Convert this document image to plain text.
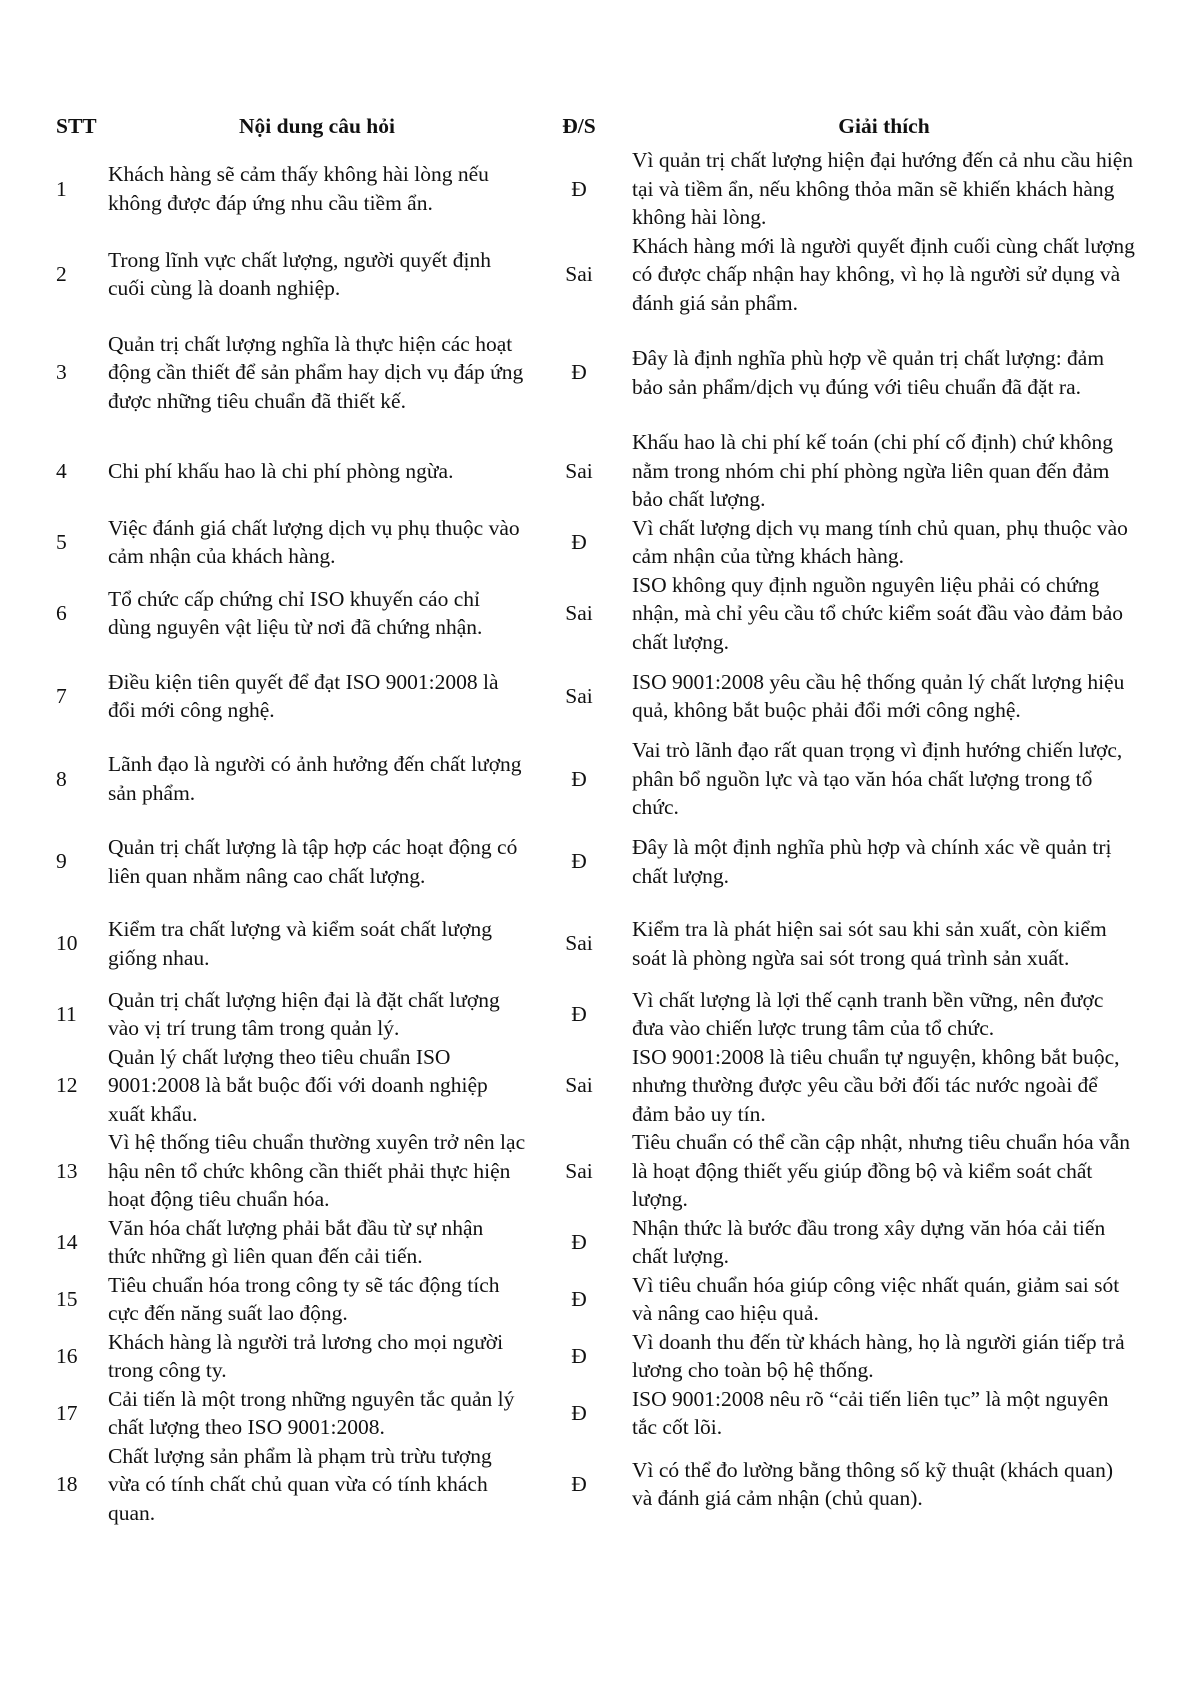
STT	Nội dung câu hỏi	Đ/S	Giải thích
1	Khách hàng sẽ cảm thấy không hài lòng nếu không được đáp ứng nhu cầu tiềm ẩn.	Đ	Vì quản trị chất lượng hiện đại hướng đến cả nhu cầu hiện tại và tiềm ẩn, nếu không thỏa mãn sẽ khiến khách hàng không hài lòng.
2	Trong lĩnh vực chất lượng, người quyết định cuối cùng là doanh nghiệp.	Sai	Khách hàng mới là người quyết định cuối cùng chất lượng có được chấp nhận hay không, vì họ là người sử dụng và đánh giá sản phẩm.
3	Quản trị chất lượng nghĩa là thực hiện các hoạt động cần thiết để sản phẩm hay dịch vụ đáp ứng được những tiêu chuẩn đã thiết kế.	Đ	Đây là định nghĩa phù hợp về quản trị chất lượng: đảm bảo sản phẩm/dịch vụ đúng với tiêu chuẩn đã đặt ra.
4	Chi phí khấu hao là chi phí phòng ngừa.	Sai	Khấu hao là chi phí kế toán (chi phí cố định) chứ không nằm trong nhóm chi phí phòng ngừa liên quan đến đảm bảo chất lượng.
5	Việc đánh giá chất lượng dịch vụ phụ thuộc vào cảm nhận của khách hàng.	Đ	Vì chất lượng dịch vụ mang tính chủ quan, phụ thuộc vào cảm nhận của từng khách hàng.
6	Tổ chức cấp chứng chỉ ISO khuyến cáo chỉ dùng nguyên vật liệu từ nơi đã chứng nhận.	Sai	ISO không quy định nguồn nguyên liệu phải có chứng nhận, mà chỉ yêu cầu tổ chức kiểm soát đầu vào đảm bảo chất lượng.
7	Điều kiện tiên quyết để đạt ISO 9001:2008 là đổi mới công nghệ.	Sai	ISO 9001:2008 yêu cầu hệ thống quản lý chất lượng hiệu quả, không bắt buộc phải đổi mới công nghệ.
8	Lãnh đạo là người có ảnh hưởng đến chất lượng sản phẩm.	Đ	Vai trò lãnh đạo rất quan trọng vì định hướng chiến lược, phân bổ nguồn lực và tạo văn hóa chất lượng trong tổ chức.
9	Quản trị chất lượng là tập hợp các hoạt động có liên quan nhằm nâng cao chất lượng.	Đ	Đây là một định nghĩa phù hợp và chính xác về quản trị chất lượng.
10	Kiểm tra chất lượng và kiểm soát chất lượng giống nhau.	Sai	Kiểm tra là phát hiện sai sót sau khi sản xuất, còn kiểm soát là phòng ngừa sai sót trong quá trình sản xuất.
11	Quản trị chất lượng hiện đại là đặt chất lượng vào vị trí trung tâm trong quản lý.	Đ	Vì chất lượng là lợi thế cạnh tranh bền vững, nên được đưa vào chiến lược trung tâm của tổ chức.
12	Quản lý chất lượng theo tiêu chuẩn ISO 9001:2008 là bắt buộc đối với doanh nghiệp xuất khẩu.	Sai	ISO 9001:2008 là tiêu chuẩn tự nguyện, không bắt buộc, nhưng thường được yêu cầu bởi đối tác nước ngoài để đảm bảo uy tín.
13	Vì hệ thống tiêu chuẩn thường xuyên trở nên lạc hậu nên tổ chức không cần thiết phải thực hiện hoạt động tiêu chuẩn hóa.	Sai	Tiêu chuẩn có thể cần cập nhật, nhưng tiêu chuẩn hóa vẫn là hoạt động thiết yếu giúp đồng bộ và kiểm soát chất lượng.
14	Văn hóa chất lượng phải bắt đầu từ sự nhận thức những gì liên quan đến cải tiến.	Đ	Nhận thức là bước đầu trong xây dựng văn hóa cải tiến chất lượng.
15	Tiêu chuẩn hóa trong công ty sẽ tác động tích cực đến năng suất lao động.	Đ	Vì tiêu chuẩn hóa giúp công việc nhất quán, giảm sai sót và nâng cao hiệu quả.
16	Khách hàng là người trả lương cho mọi người trong công ty.	Đ	Vì doanh thu đến từ khách hàng, họ là người gián tiếp trả lương cho toàn bộ hệ thống.
17	Cải tiến là một trong những nguyên tắc quản lý chất lượng theo ISO 9001:2008.	Đ	ISO 9001:2008 nêu rõ “cải tiến liên tục” là một nguyên tắc cốt lõi.
18	Chất lượng sản phẩm là phạm trù trừu tượng vừa có tính chất chủ quan vừa có tính khách quan.	Đ	Vì có thể đo lường bằng thông số kỹ thuật (khách quan) và đánh giá cảm nhận (chủ quan).
